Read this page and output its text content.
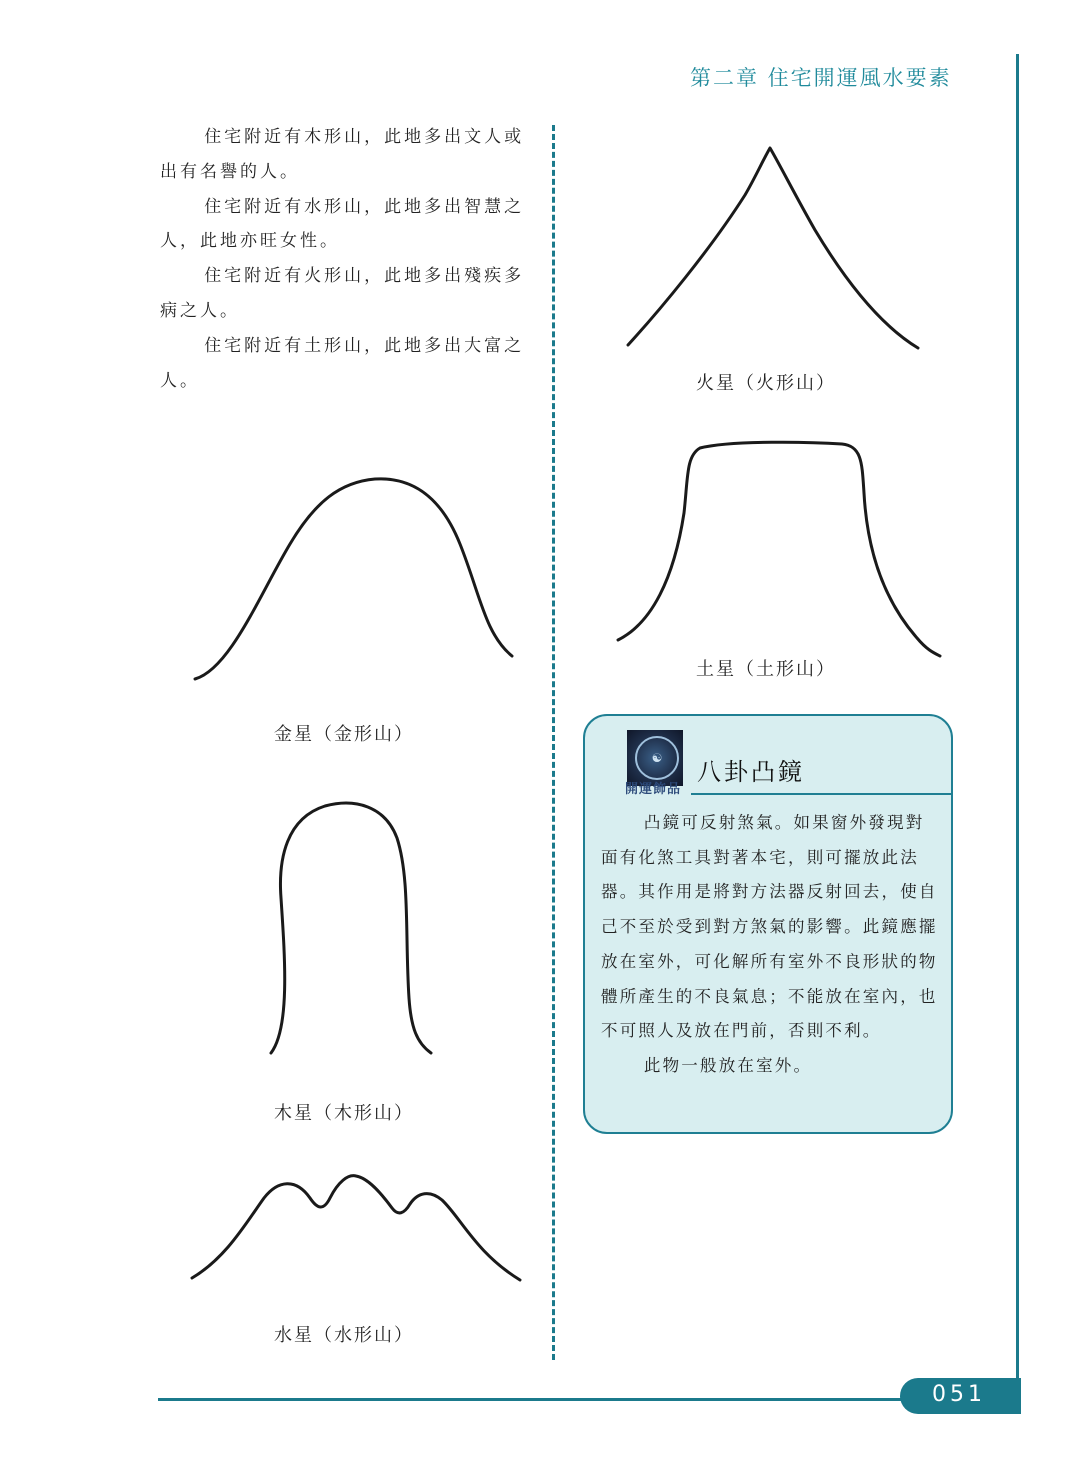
第二章 住宅開運風水要素

住宅附近有木形山，此地多出文人或出有名譽的人。

住宅附近有水形山，此地多出智慧之人，此地亦旺女性。

住宅附近有火形山，此地多出殘疾多病之人。

住宅附近有土形山，此地多出大富之人。	火星（火形山）
土星（土形山）
金星（金形山）
木星（木形山）
水星（水形山）
☯
開運飾品
八卦凸鏡

凸鏡可反射煞氣。如果窗外發現對面有化煞工具對著本宅，則可擺放此法器。其作用是將對方法器反射回去，使自己不至於受到對方煞氣的影響。此鏡應擺放在室外，可化解所有室外不良形狀的物體所產生的不良氣息；不能放在室內，也不可照人及放在門前，否則不利。

此物一般放在室外。

051
